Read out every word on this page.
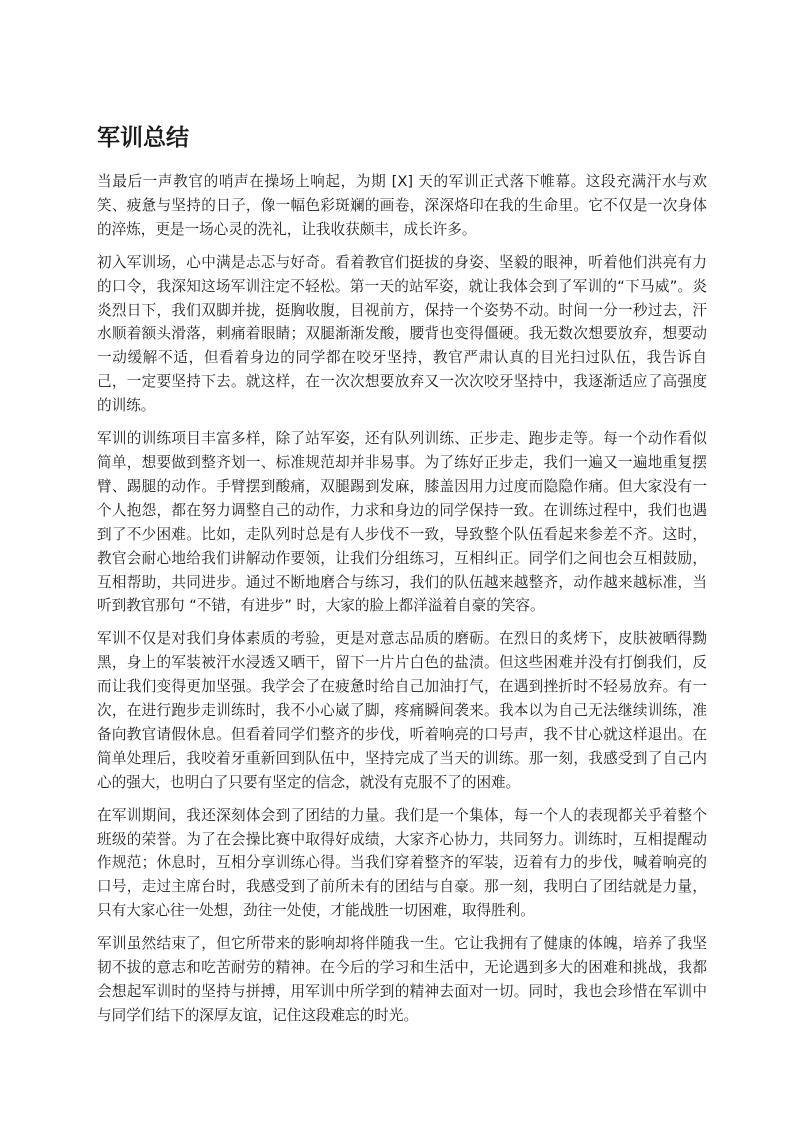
军训总结

当最后一声教官的哨声在操场上响起，为期 [X] 天的军训正式落下帷幕。这段充满汗水与欢笑、疲惫与坚持的日子，像一幅色彩斑斓的画卷，深深烙印在我的生命里。它不仅是一次身体的淬炼，更是一场心灵的洗礼，让我收获颇丰，成长许多。

初入军训场，心中满是忐忑与好奇。看着教官们挺拔的身姿、坚毅的眼神，听着他们洪亮有力的口令，我深知这场军训注定不轻松。第一天的站军姿，就让我体会到了军训的“下马威”。炎炎烈日下，我们双脚并拢，挺胸收腹，目视前方，保持一个姿势不动。时间一分一秒过去，汗水顺着额头滑落，刺痛着眼睛；双腿渐渐发酸，腰背也变得僵硬。我无数次想要放弃，想要动一动缓解不适，但看着身边的同学都在咬牙坚持，教官严肃认真的目光扫过队伍，我告诉自己，一定要坚持下去。就这样，在一次次想要放弃又一次次咬牙坚持中，我逐渐适应了高强度的训练。

军训的训练项目丰富多样，除了站军姿，还有队列训练、正步走、跑步走等。每一个动作看似简单，想要做到整齐划一、标准规范却并非易事。为了练好正步走，我们一遍又一遍地重复摆臂、踢腿的动作。手臂摆到酸痛，双腿踢到发麻，膝盖因用力过度而隐隐作痛。但大家没有一个人抱怨，都在努力调整自己的动作，力求和身边的同学保持一致。在训练过程中，我们也遇到了不少困难。比如，走队列时总是有人步伐不一致，导致整个队伍看起来参差不齐。这时，教官会耐心地给我们讲解动作要领，让我们分组练习，互相纠正。同学们之间也会互相鼓励，互相帮助，共同进步。通过不断地磨合与练习，我们的队伍越来越整齐，动作越来越标准，当听到教官那句 “不错，有进步” 时，大家的脸上都洋溢着自豪的笑容。

军训不仅是对我们身体素质的考验，更是对意志品质的磨砺。在烈日的炙烤下，皮肤被晒得黝黑，身上的军装被汗水浸透又晒干，留下一片片白色的盐渍。但这些困难并没有打倒我们，反而让我们变得更加坚强。我学会了在疲惫时给自己加油打气，在遇到挫折时不轻易放弃。有一次，在进行跑步走训练时，我不小心崴了脚，疼痛瞬间袭来。我本以为自己无法继续训练，准备向教官请假休息。但看着同学们整齐的步伐，听着响亮的口号声，我不甘心就这样退出。在简单处理后，我咬着牙重新回到队伍中，坚持完成了当天的训练。那一刻，我感受到了自己内心的强大，也明白了只要有坚定的信念，就没有克服不了的困难。

在军训期间，我还深刻体会到了团结的力量。我们是一个集体，每一个人的表现都关乎着整个班级的荣誉。为了在会操比赛中取得好成绩，大家齐心协力，共同努力。训练时，互相提醒动作规范；休息时，互相分享训练心得。当我们穿着整齐的军装，迈着有力的步伐，喊着响亮的口号，走过主席台时，我感受到了前所未有的团结与自豪。那一刻，我明白了团结就是力量，只有大家心往一处想，劲往一处使，才能战胜一切困难，取得胜利。

军训虽然结束了，但它所带来的影响却将伴随我一生。它让我拥有了健康的体魄，培养了我坚韧不拔的意志和吃苦耐劳的精神。在今后的学习和生活中，无论遇到多大的困难和挑战，我都会想起军训时的坚持与拼搏，用军训中所学到的精神去面对一切。同时，我也会珍惜在军训中与同学们结下的深厚友谊，记住这段难忘的时光。
